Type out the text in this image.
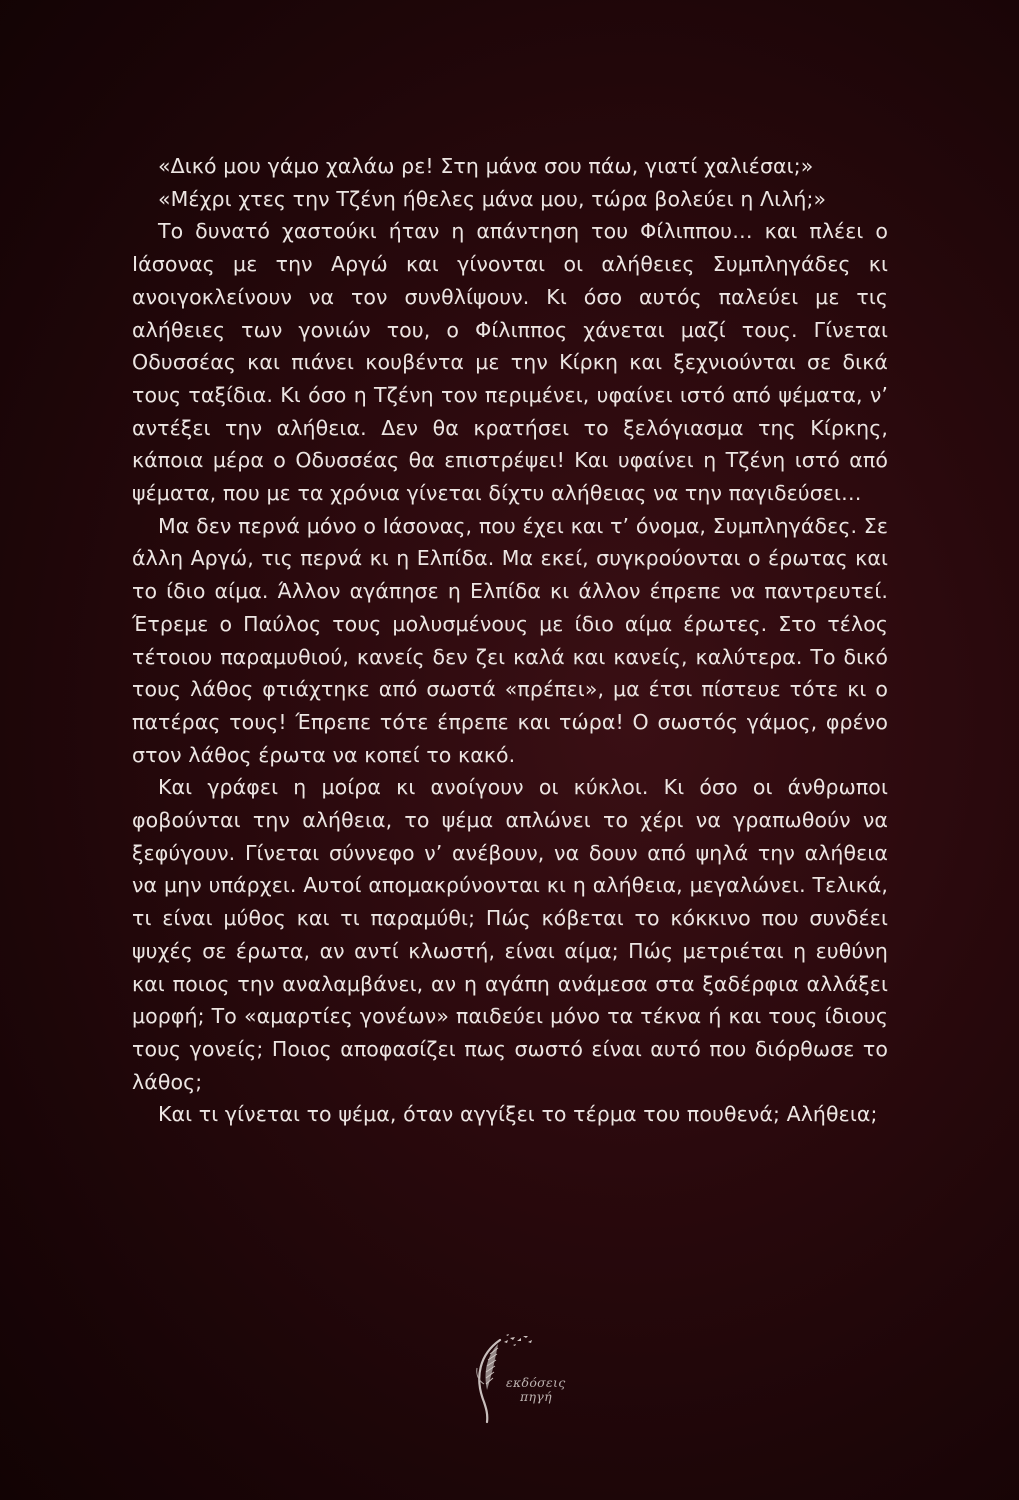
«Δικό μου γάμο χαλάω ρε! Στη μάνα σου πάω, γιατί χαλιέσαι;»

«Μέχρι χτες την Τζένη ήθελες μάνα μου, τώρα βολεύει η Λιλή;»

Το δυνατό χαστούκι ήταν η απάντηση του Φίλιππου… και πλέει ο Ιάσονας με την Αργώ και γίνονται οι αλήθειες Συμπληγάδες κι ανοιγοκλείνουν να τον συνθλίψουν. Κι όσο αυτός παλεύει με τις αλήθειες των γονιών του, ο Φίλιππος χάνεται μαζί τους. Γίνεται Οδυσσέας και πιάνει κουβέντα με την Κίρκη και ξεχνιούνται σε δικά τους ταξίδια. Κι όσο η Τζένη τον περιμένει, υφαίνει ιστό από ψέματα, ν’ αντέξει την αλήθεια. Δεν θα κρατήσει το ξελόγιασμα της Κίρκης, κάποια μέρα ο Οδυσσέας θα επιστρέψει! Και υφαίνει η Τζένη ιστό από ψέματα, που με τα χρόνια γίνεται δίχτυ αλήθειας να την παγιδεύσει…

Μα δεν περνά μόνο ο Ιάσονας, που έχει και τ’ όνομα, Συμπληγάδες. Σε άλλη Αργώ, τις περνά κι η Ελπίδα. Μα εκεί, συγκρούονται ο έρωτας και το ίδιο αίμα. Άλλον αγάπησε η Ελπίδα κι άλλον έπρεπε να παντρευτεί. Έτρεμε ο Παύλος τους μολυσμένους με ίδιο αίμα έρωτες. Στο τέλος τέτοιου παραμυθιού, κανείς δεν ζει καλά και κανείς, καλύτερα. Το δικό τους λάθος φτιάχτηκε από σωστά «πρέπει», μα έτσι πίστευε τότε κι ο πατέρας τους! Έπρεπε τότε έπρεπε και τώρα! Ο σωστός γάμος, φρένο στον λάθος έρωτα να κοπεί το κακό.

Και γράφει η μοίρα κι ανοίγουν οι κύκλοι. Κι όσο οι άνθρωποι φοβούνται την αλήθεια, το ψέμα απλώνει το χέρι να γραπωθούν να ξεφύγουν. Γίνεται σύννεφο ν’ ανέβουν, να δουν από ψηλά την αλήθεια να μην υπάρχει. Αυτοί απομακρύνονται κι η αλήθεια, μεγαλώνει. Τελικά, τι είναι μύθος και τι παραμύθι; Πώς κόβεται το κόκκινο που συνδέει ψυχές σε έρωτα, αν αντί κλωστή, είναι αίμα; Πώς μετριέται η ευθύνη και ποιος την αναλαμβάνει, αν η αγάπη ανάμεσα στα ξαδέρφια αλλάξει μορφή; Το «αμαρτίες γονέων» παιδεύει μόνο τα τέκνα ή και τους ίδιους τους γονείς; Ποιος αποφασίζει πως σωστό είναι αυτό που διόρθωσε το λάθος;

Και τι γίνεται το ψέμα, όταν αγγίξει το τέρμα του πουθενά; Αλήθεια;

εκδόσεις
πηγή
